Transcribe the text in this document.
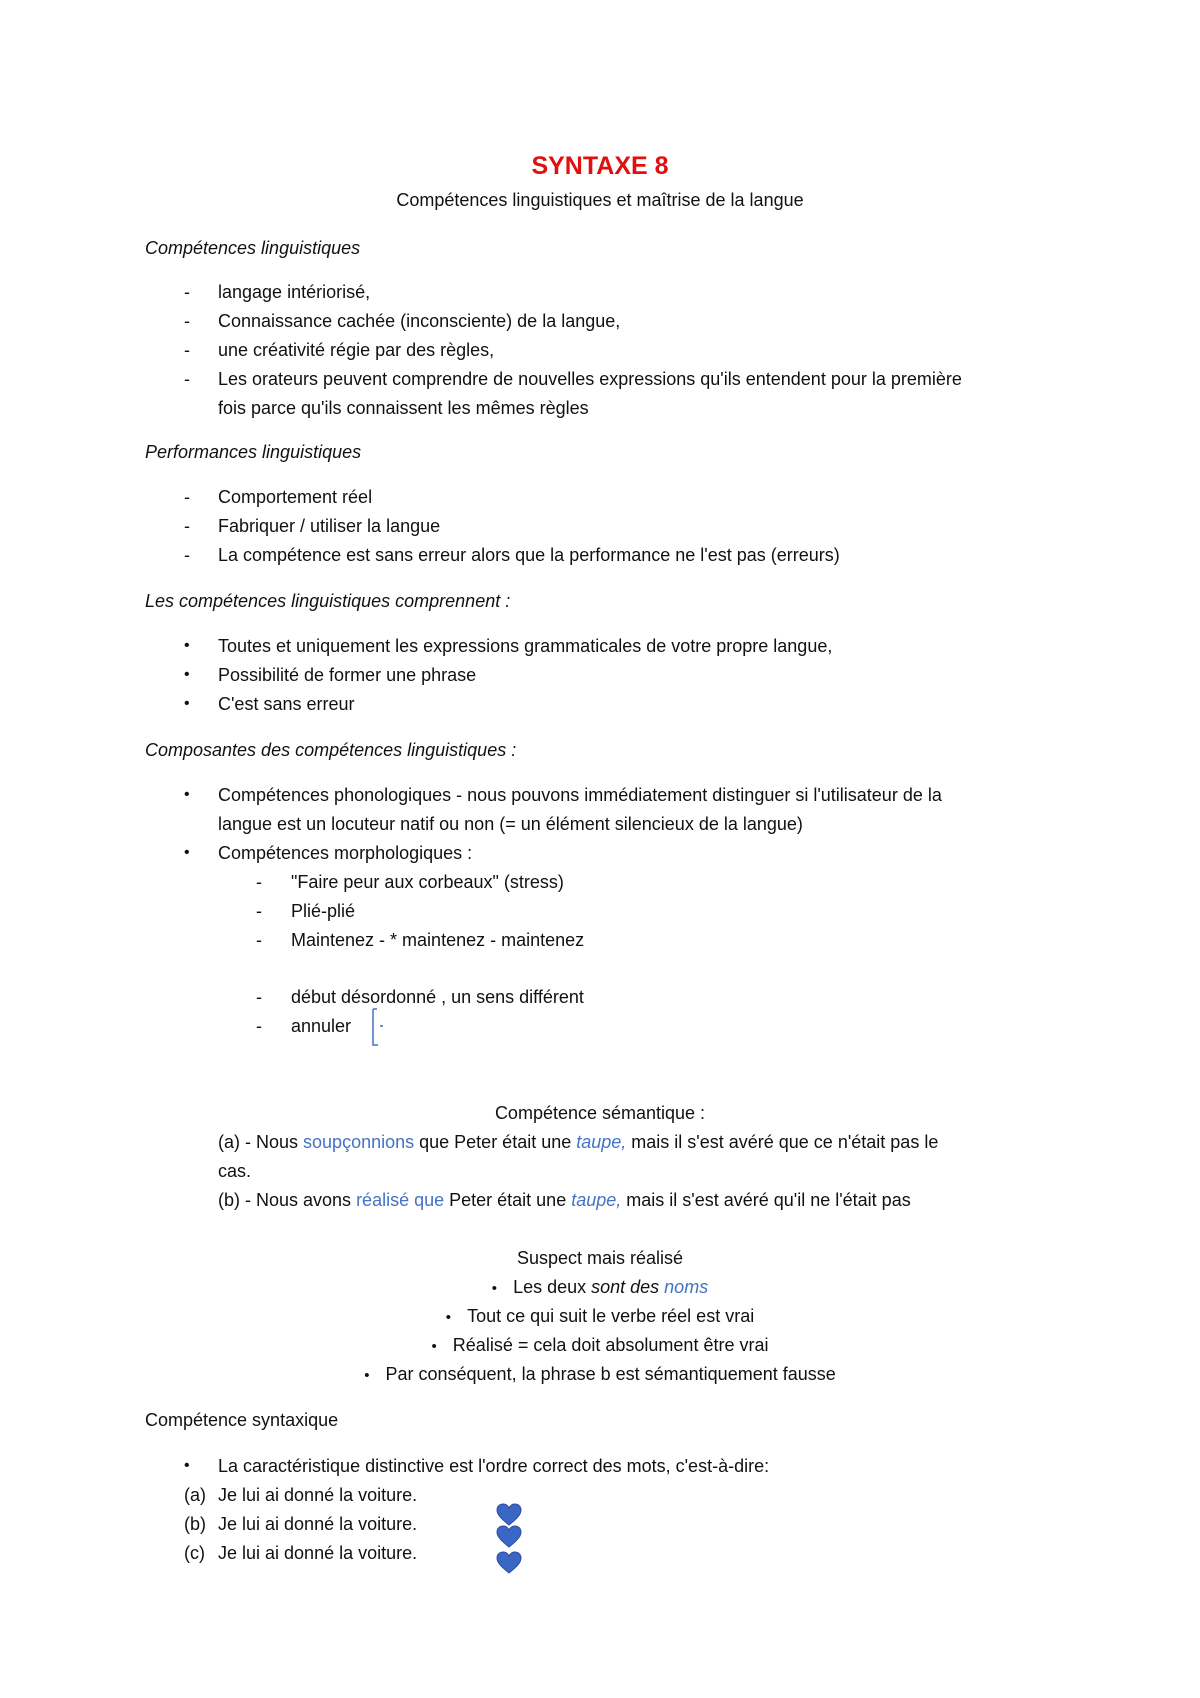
SYNTAXE 8
Compétences linguistiques et maîtrise de la langue
Compétences linguistiques
- langage intériorisé,
- Connaissance cachée (inconsciente) de la langue,
- une créativité régie par des règles,
- Les orateurs peuvent comprendre de nouvelles expressions qu'ils entendent pour la première
fois parce qu'ils connaissent les mêmes règles
Performances linguistiques
- Comportement réel
- Fabriquer / utiliser la langue
- La compétence est sans erreur alors que la performance ne l'est pas (erreurs)
Les compétences linguistiques comprennent :
• Toutes et uniquement les expressions grammaticales de votre propre langue,
• Possibilité de former une phrase
• C'est sans erreur
Composantes des compétences linguistiques :
• Compétences phonologiques - nous pouvons immédiatement distinguer si l'utilisateur de la
langue est un locuteur natif ou non (= un élément silencieux de la langue)
• Compétences morphologiques :
- "Faire peur aux corbeaux" (stress)
- Plié-plié
- Maintenez - * maintenez - maintenez
- début désordonné , un sens différent
- annuler
Compétence sémantique :
(a) - Nous soupçonnions que Peter était une taupe, mais il s'est avéré que ce n'était pas le
cas.
(b) - Nous avons réalisé que Peter était une taupe, mais il s'est avéré qu'il ne l'était pas
Suspect mais réalisé
• Les deux sont des noms
• Tout ce qui suit le verbe réel est vrai
• Réalisé = cela doit absolument être vrai
• Par conséquent, la phrase b est sémantiquement fausse
Compétence syntaxique
• La caractéristique distinctive est l'ordre correct des mots, c'est-à-dire:
(a) Je lui ai donné la voiture.
(b) Je lui ai donné la voiture.
(c) Je lui ai donné la voiture.
